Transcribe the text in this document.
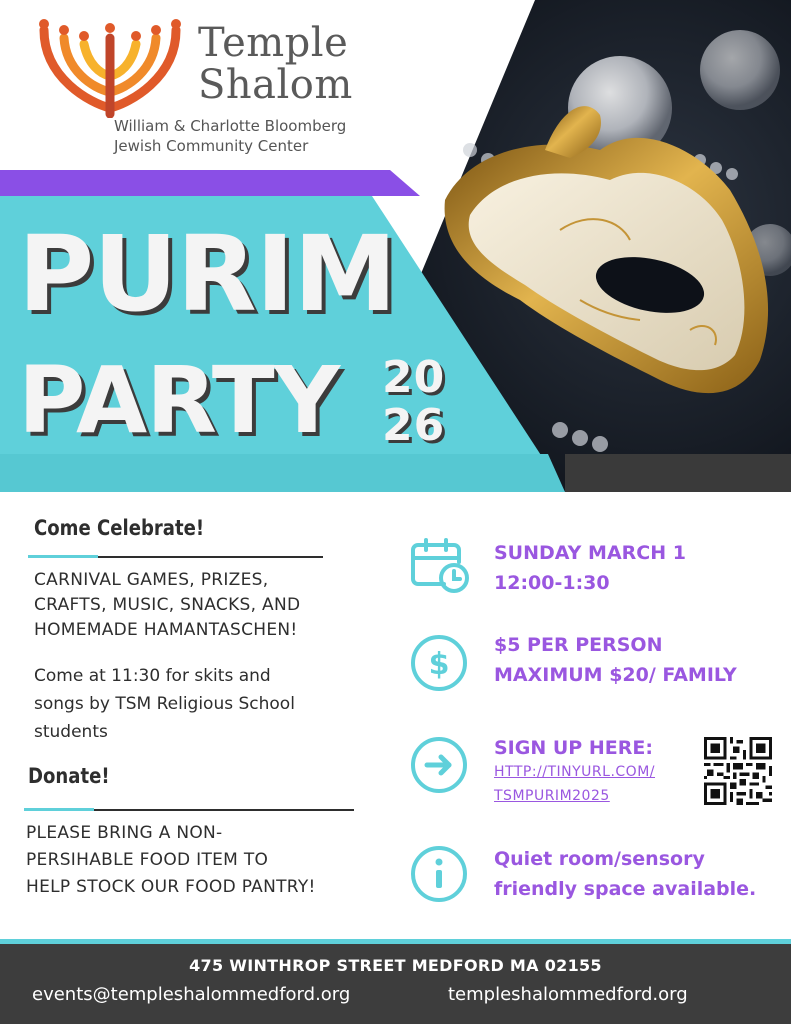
Temple
Shalom
William & Charlotte Bloomberg
Jewish Community Center
PURIM
PARTY 20
26
Come Celebrate!
CARNIVAL GAMES, PRIZES,
CRAFTS, MUSIC, SNACKS, AND
HOMEMADE HAMANTASCHEN!
Come at 11:30 for skits and
songs by TSM Religious School
students
Donate!
PLEASE BRING A NON-
PERSIHABLE FOOD ITEM TO
HELP STOCK OUR FOOD PANTRY!
SUNDAY MARCH 1
12:00-1:30
$
$5 PER PERSON
MAXIMUM $20/ FAMILY
SIGN UP HERE:
HTTP://TINYURL.COM/
TSMPURIM2025
Quiet room/sensory
friendly space available.
475 WINTHROP STREET MEDFORD MA 02155
events@templeshalommedford.org	templeshalommedford.org
